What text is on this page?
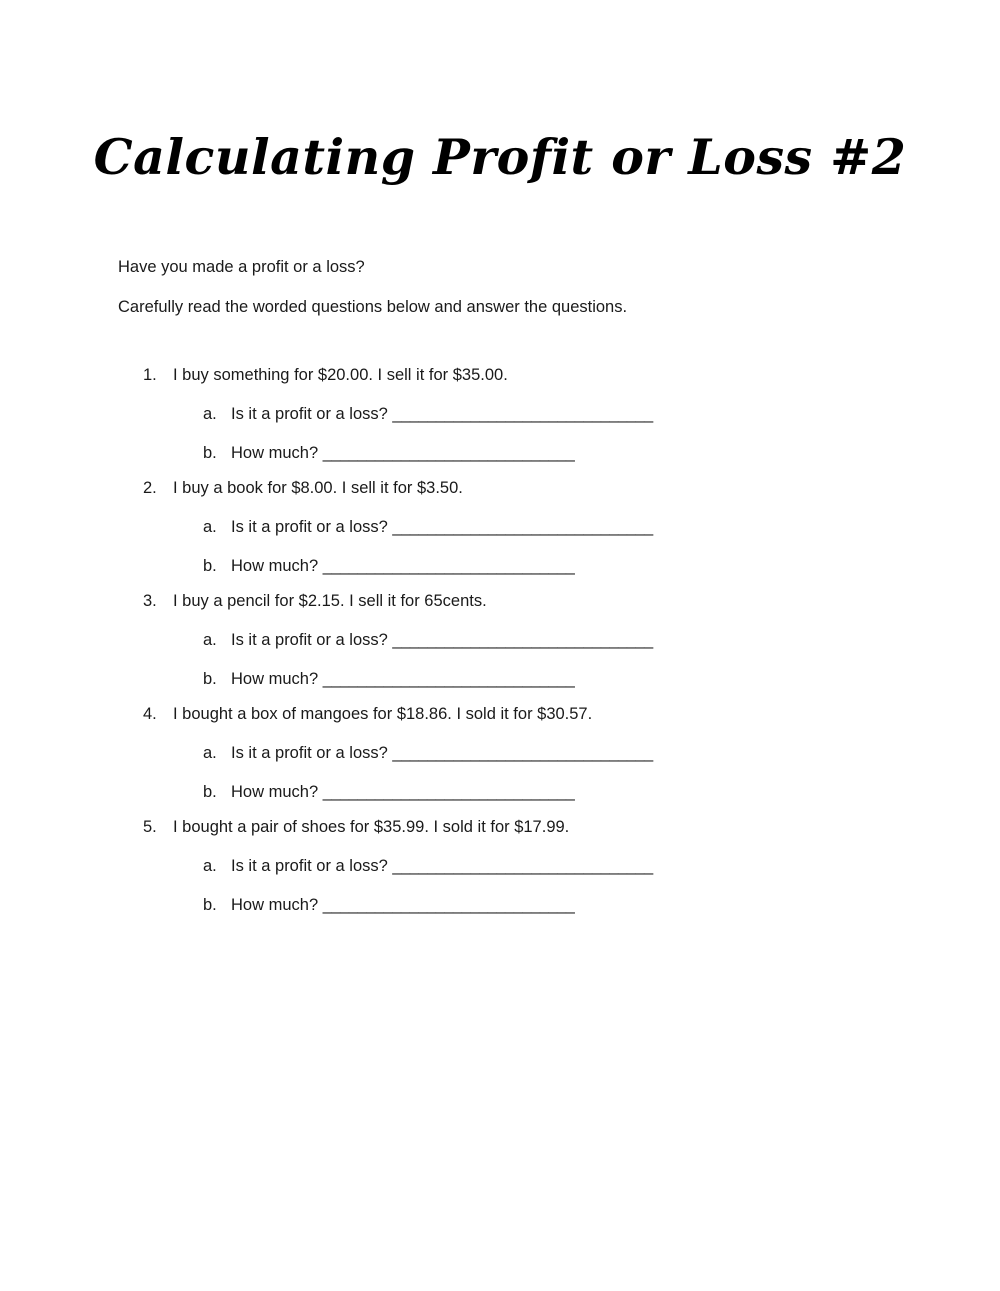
Calculating Profit or Loss #2
Have you made a profit or a loss?
Carefully read the worded questions below and answer the questions.
1. I buy something for $20.00. I sell it for $35.00.
a. Is it a profit or a loss? ______________________________
b. How much? _____________________________
2. I buy a book for $8.00. I sell it for $3.50.
a. Is it a profit or a loss? ______________________________
b. How much? _____________________________
3. I buy a pencil for $2.15. I sell it for 65cents.
a. Is it a profit or a loss? ______________________________
b. How much? _____________________________
4. I bought a box of mangoes for $18.86. I sold it for $30.57.
a. Is it a profit or a loss? ______________________________
b. How much? _____________________________
5. I bought a pair of shoes for $35.99. I sold it for $17.99.
a. Is it a profit or a loss? ______________________________
b. How much? _____________________________
